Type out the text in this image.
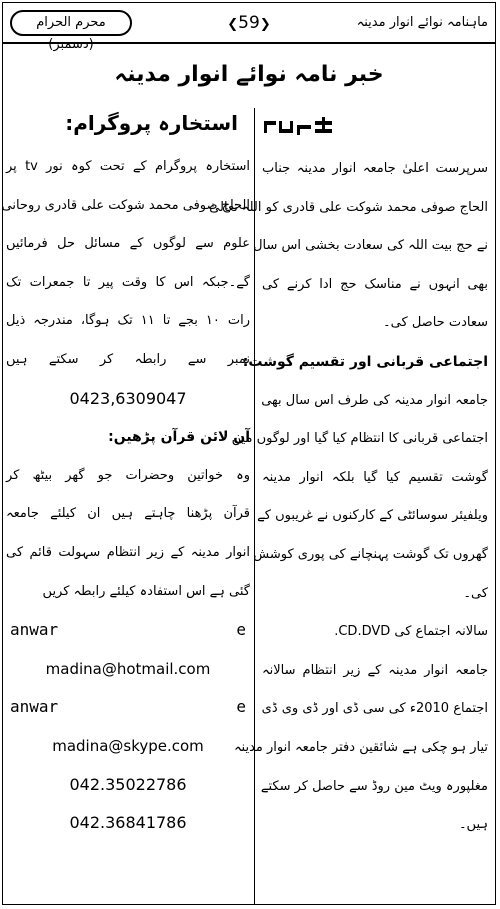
محرم الحرام (دسمبر)
❮59❯	ماہنامہ نوائے انوار مدینہ
خبر نامہ نوائے انوار مدینہ
استخارہ پروگرام:
استخارہ پروگرام کے تحت کوہ نور tv پر
الحاج صوفی محمد شوکت علی قادری روحانی
علوم سے لوگوں کے مسائل حل فرمائیں
گے۔جبکہ اس کا وقت پیر تا جمعرات تک
رات ۱۰ بجے تا ۱۱ تک ہوگا، مندرجہ ذیل
نمبر سے رابطہ کر سکتے ہیں
0423,6309047
آن لائن قرآن پڑھیں:
وہ خواتین وحضرات جو گھر بیٹھ کر
قرآن پڑھنا چاہتے ہیں ان کیلئے جامعہ
انوار مدینہ کے زیر انتظام سہولت قائم کی
گئی ہے اس استفادہ کیلئے رابطہ کریں
anwar e
madina@hotmail.com
anwar e
madina@skype.com
042.35022786
042.36841786
سرپرست اعلیٰ جامعہ انوار مدینہ جناب
الحاج صوفی محمد شوکت علی قادری کو اللہ تعالیٰ
نے حج بیت اللہ کی سعادت بخشی اس سال
بھی انہوں نے مناسک حج ادا کرنے کی
سعادت حاصل کی۔
اجتماعی قربانی اور تقسیم گوشت:
جامعہ انوار مدینہ کی طرف اس سال بھی
اجتماعی قربانی کا انتظام کیا گیا اور لوگوں میں
گوشت تقسیم کیا گیا بلکہ انوار مدینہ
ویلفیئر سوسائٹی کے کارکنوں نے غریبوں کے
گھروں تک گوشت پہنچانے کی پوری کوشش
کی۔
سالانہ اجتماع کی CD.DVD.
جامعہ انوار مدینہ کے زیر انتظام سالانہ
اجتماع 2010ء کی سی ڈی اور ڈی وی ڈی
تیار ہو چکی ہے شائقین دفتر جامعہ انوار مدینہ
مغلپورہ ویٹ مین روڈ سے حاصل کر سکتے
ہیں۔
